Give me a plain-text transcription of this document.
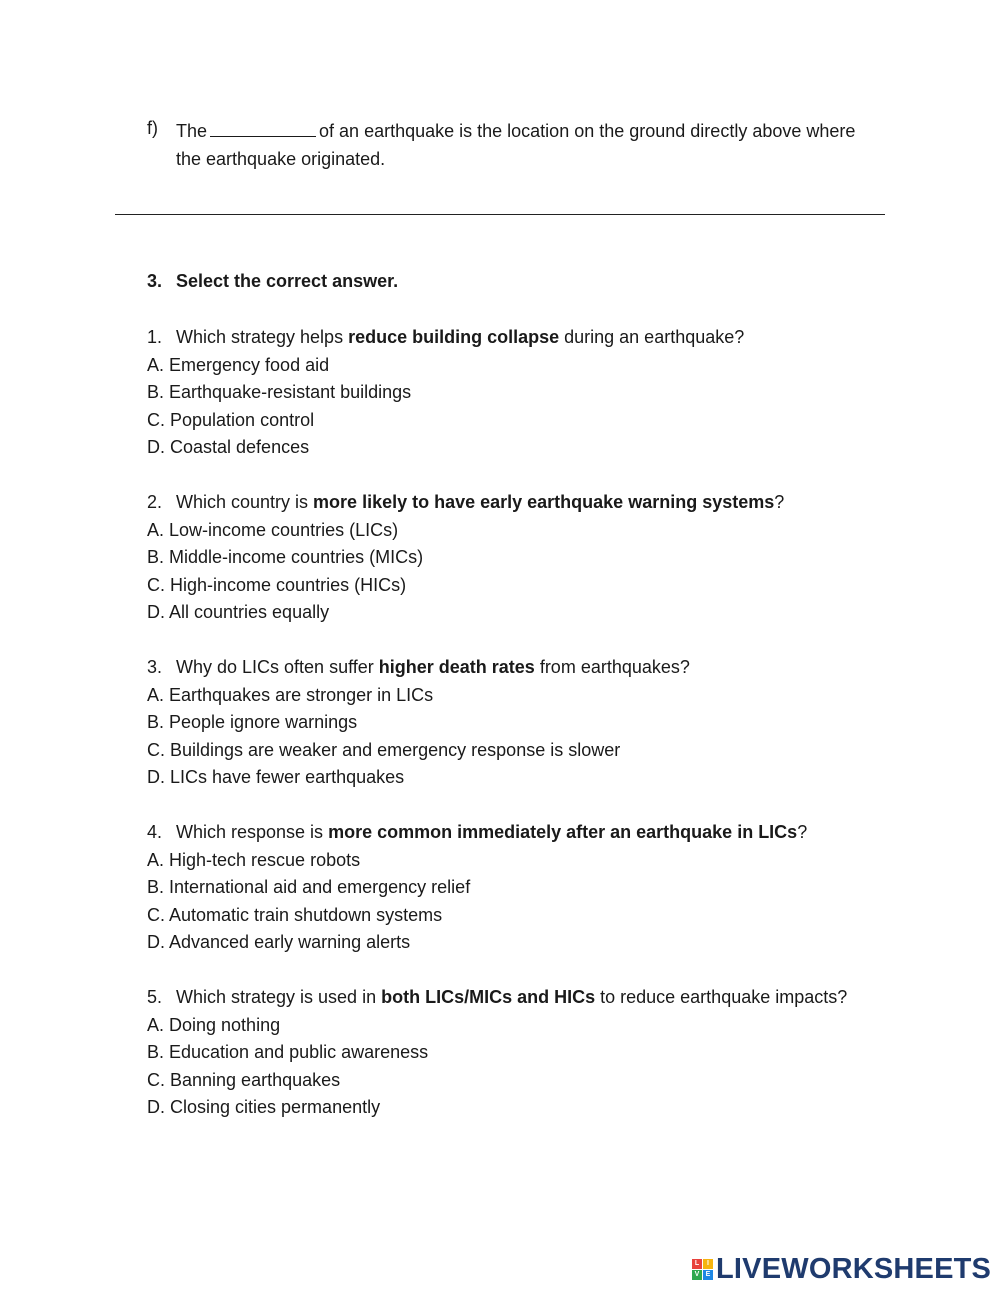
f) The	of an earthquake is the location on the ground directly above where the earthquake originated.
3. Select the correct answer.
1. Which strategy helps reduce building collapse during an earthquake?
A. Emergency food aid
B. Earthquake-resistant buildings
C. Population control
D. Coastal defences
2. Which country is more likely to have early earthquake warning systems?
A. Low-income countries (LICs)
B. Middle-income countries (MICs)
C. High-income countries (HICs)
D. All countries equally
3. Why do LICs often suffer higher death rates from earthquakes?
A. Earthquakes are stronger in LICs
B. People ignore warnings
C. Buildings are weaker and emergency response is slower
D. LICs have fewer earthquakes
4. Which response is more common immediately after an earthquake in LICs?
A. High-tech rescue robots
B. International aid and emergency relief
C. Automatic train shutdown systems
D. Advanced early warning alerts
5. Which strategy is used in both LICs/MICs and HICs to reduce earthquake impacts?
A. Doing nothing
B. Education and public awareness
C. Banning earthquakes
D. Closing cities permanently
L	I
V E LIVEWORKSHEETS
